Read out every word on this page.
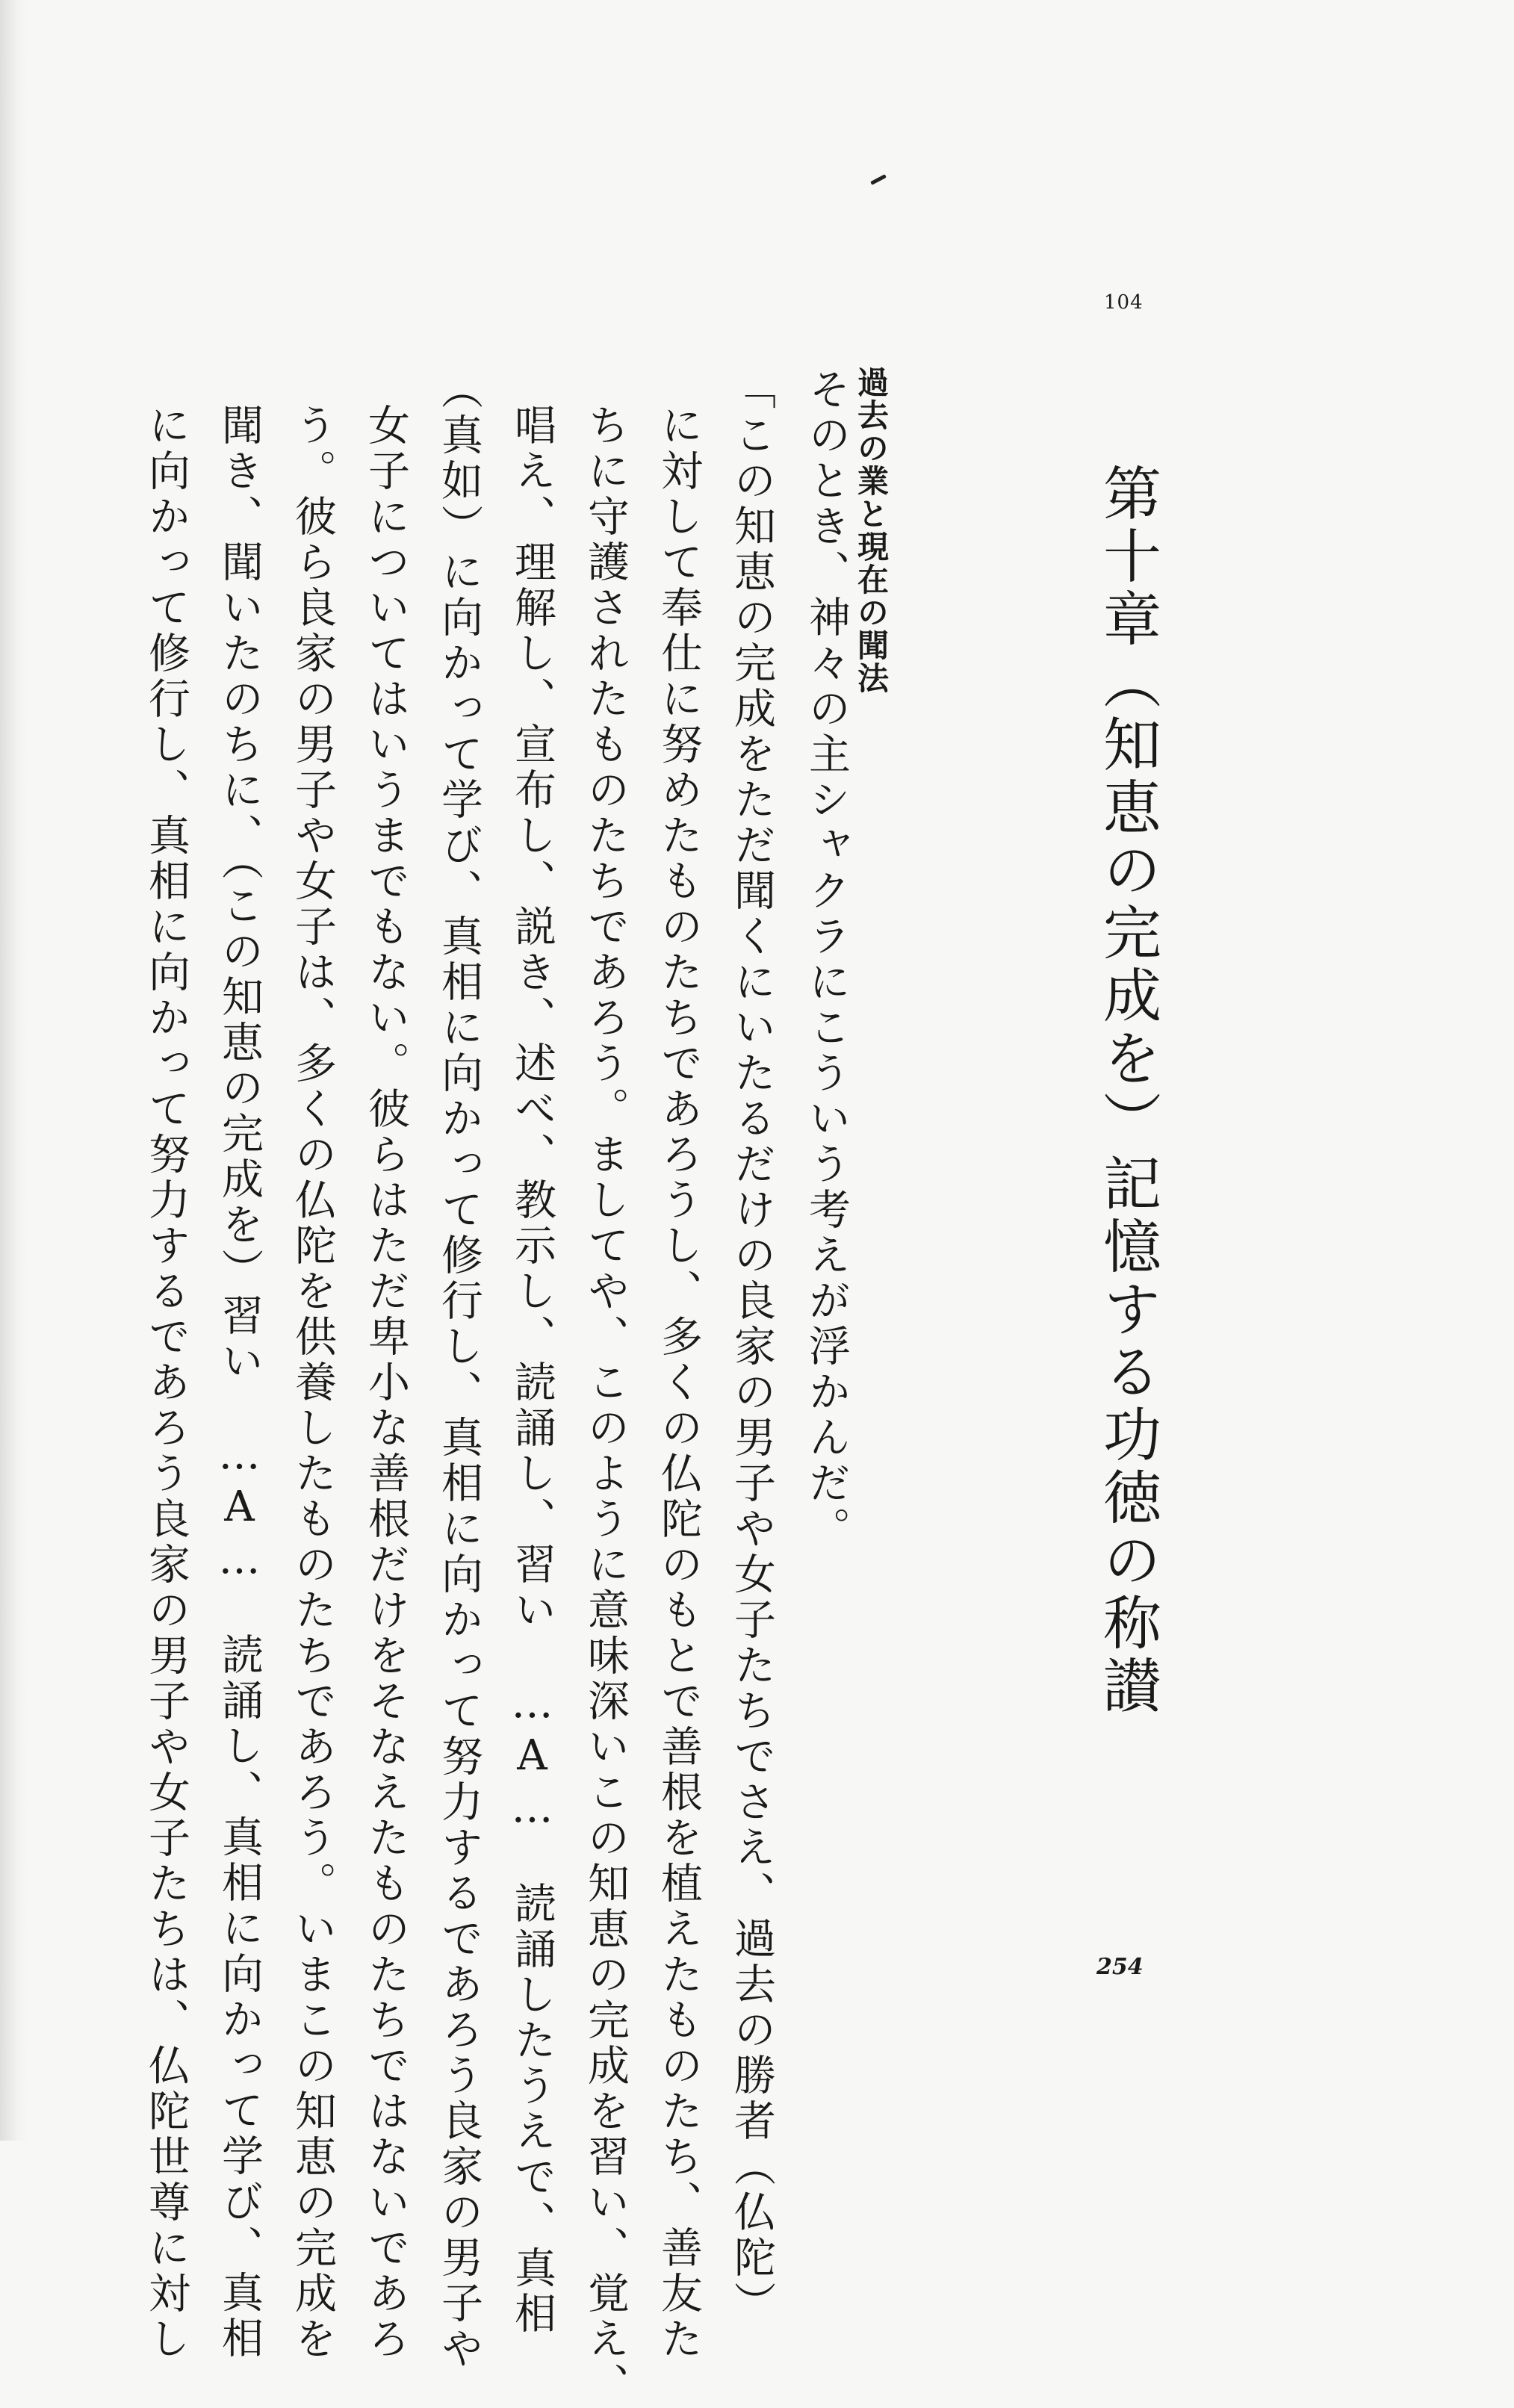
104
第十章（知恵の完成を）記憶する功徳の称讃
過去の業と現在の聞法
そのとき、神々の主シャクラにこういう考えが浮かんだ。
「この知恵の完成をただ聞くにいたるだけの良家の男子や女子たちでさえ、過去の勝者（仏陀）
に対して奉仕に努めたものたちであろうし、多くの仏陀のもとで善根を植えたものたち、善友た
ちに守護されたものたちであろう。ましてや、このように意味深いこの知恵の完成を習い、覚え、
唱え、理解し、宣布し、説き、述べ、教示し、読誦し、習い　…A…　読誦したうえで、真相
（真如）に向かって学び、真相に向かって修行し、真相に向かって努力するであろう良家の男子や
女子についてはいうまでもない。彼らはただ卑小な善根だけをそなえたものたちではないであろ
う。彼ら良家の男子や女子は、多くの仏陀を供養したものたちであろう。いまこの知恵の完成を
聞き、聞いたのちに、（この知恵の完成を）習い　…A…　読誦し、真相に向かって学び、真相
に向かって修行し、真相に向かって努力するであろう良家の男子や女子たちは、仏陀世尊に対し	254
